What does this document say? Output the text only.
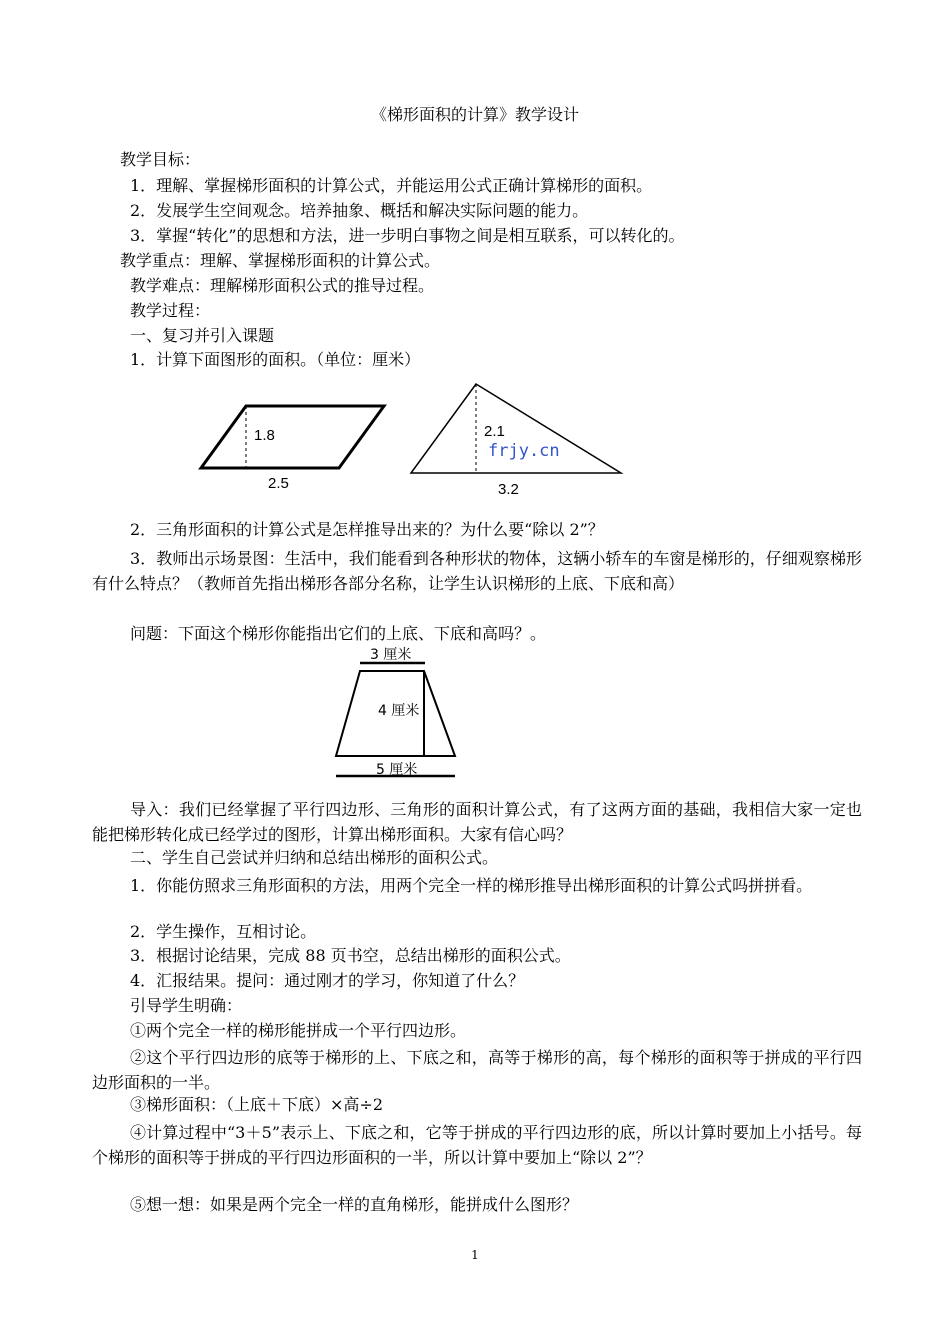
《梯形面积的计算》教学设计
教学目标：
1．理解、掌握梯形面积的计算公式，并能运用公式正确计算梯形的面积。
2．发展学生空间观念。培养抽象、概括和解决实际问题的能力。
3．掌握“转化”的思想和方法，进一步明白事物之间是相互联系，可以转化的。
教学重点：理解、掌握梯形面积的计算公式。
教学难点：理解梯形面积公式的推导过程。
教学过程：
一、复习并引入课题
1．计算下面图形的面积。（单位：厘米）
1.8
2.5
2.1
frjy.cn
3.2
2．三角形面积的计算公式是怎样推导出来的？为什么要“除以 2”？
3．教师出示场景图：生活中，我们能看到各种形状的物体，这辆小轿车的车窗是梯形的，仔细观察梯形有什么特点？（教师首先指出梯形各部分名称，让学生认识梯形的上底、下底和高）
问题：下面这个梯形你能指出它们的上底、下底和高吗？。
3 厘米
4 厘米
5 厘米
导入：我们已经掌握了平行四边形、三角形的面积计算公式，有了这两方面的基础，我相信大家一定也能把梯形转化成已经学过的图形，计算出梯形面积。大家有信心吗？
二、学生自己尝试并归纳和总结出梯形的面积公式。
1．你能仿照求三角形面积的方法，用两个完全一样的梯形推导出梯形面积的计算公式吗拼拼看。
2．学生操作，互相讨论。
3．根据讨论结果，完成 88 页书空，总结出梯形的面积公式。
4．汇报结果。提问：通过刚才的学习，你知道了什么？
引导学生明确：
①两个完全一样的梯形能拼成一个平行四边形。
②这个平行四边形的底等于梯形的上、下底之和，高等于梯形的高，每个梯形的面积等于拼成的平行四边形面积的一半。
③梯形面积：（上底＋下底）×高÷2
④计算过程中“3＋5”表示上、下底之和，它等于拼成的平行四边形的底，所以计算时要加上小括号。每个梯形的面积等于拼成的平行四边形面积的一半，所以计算中要加上“除以 2”？
⑤想一想：如果是两个完全一样的直角梯形，能拼成什么图形？
1
